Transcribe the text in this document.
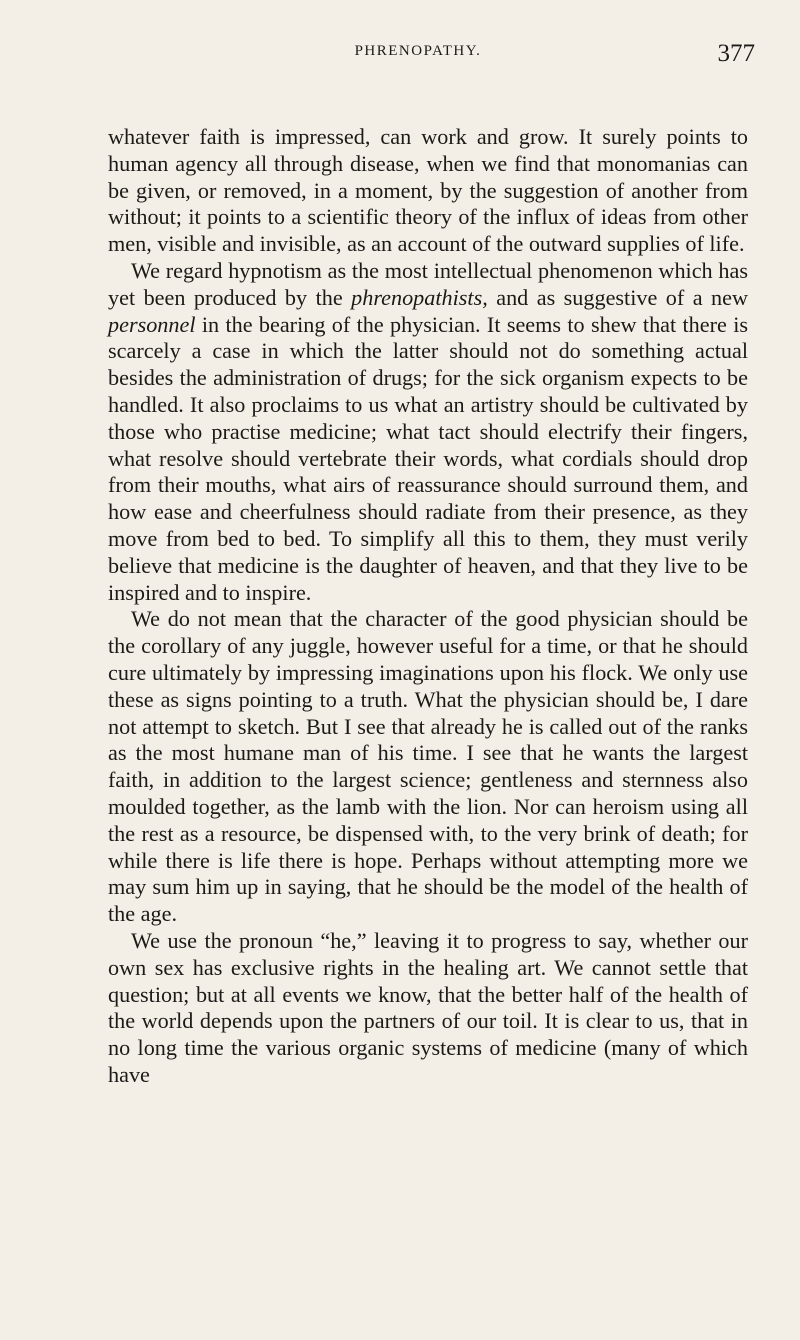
PHRENOPATHY.	377

whatever faith is impressed, can work and grow. It surely points to human agency all through disease, when we find that monomanias can be given, or removed, in a moment, by the suggestion of another from without; it points to a scientific theory of the influx of ideas from other men, visible and invisible, as an account of the outward supplies of life.

We regard hypnotism as the most intellectual phenomenon which has yet been produced by the phrenopathists, and as suggestive of a new personnel in the bearing of the physician. It seems to shew that there is scarcely a case in which the latter should not do something actual besides the administration of drugs; for the sick organism expects to be handled. It also proclaims to us what an artistry should be cultivated by those who practise medicine; what tact should electrify their fingers, what resolve should vertebrate their words, what cordials should drop from their mouths, what airs of reassurance should surround them, and how ease and cheerfulness should radiate from their presence, as they move from bed to bed. To simplify all this to them, they must verily believe that medicine is the daughter of heaven, and that they live to be inspired and to inspire.

We do not mean that the character of the good physician should be the corollary of any juggle, however useful for a time, or that he should cure ultimately by impressing imaginations upon his flock. We only use these as signs pointing to a truth. What the physician should be, I dare not attempt to sketch. But I see that already he is called out of the ranks as the most humane man of his time. I see that he wants the largest faith, in addition to the largest science; gentleness and sternness also moulded together, as the lamb with the lion. Nor can heroism using all the rest as a resource, be dispensed with, to the very brink of death; for while there is life there is hope. Perhaps without attempting more we may sum him up in saying, that he should be the model of the health of the age.

We use the pronoun “he,” leaving it to progress to say, whether our own sex has exclusive rights in the healing art. We cannot settle that question; but at all events we know, that the better half of the health of the world depends upon the partners of our toil. It is clear to us, that in no long time the various organic systems of medicine (many of which have
